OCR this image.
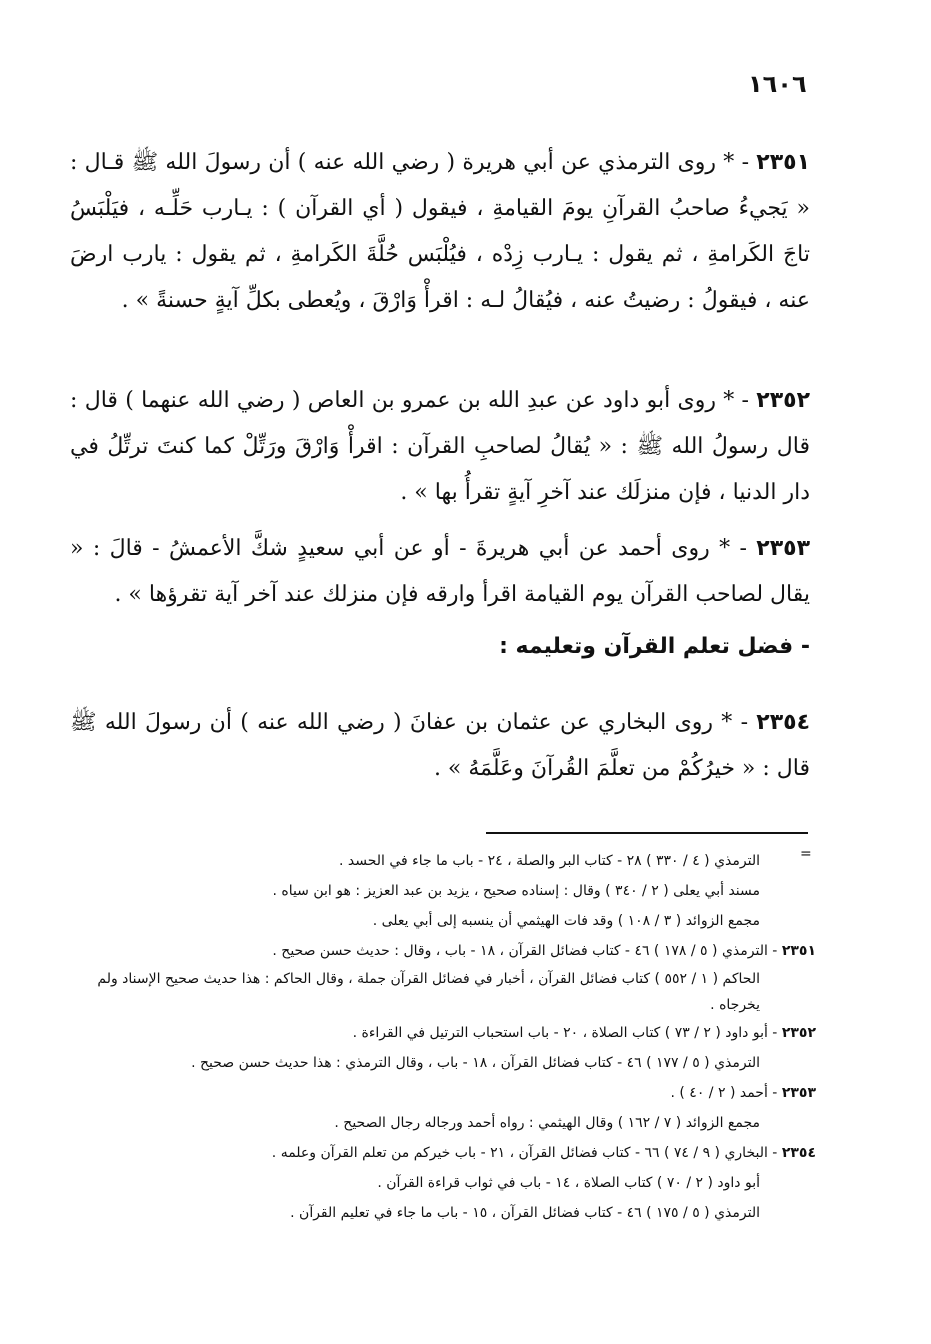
١٦٠٦

٢٣٥١ - * روى الترمذي عن أبي هريرة ( رضي الله عنه ) أن رسولَ الله ﷺ قـال : « يَجيءُ صاحبُ القرآنِ يومَ القيامةِ ، فيقول ( أي القرآن ) : يـارب حَلِّـه ، فيَلْبَسُ تاجَ الكَرامةِ ، ثم يقول : يـارب زِدْه ، فيُلْبَس حُلَّةَ الكَرامةِ ، ثم يقول : يارب ارضَ عنه ، فيقولُ : رضيتُ عنه ، فيُقالُ لـه : اقرأْ وَارْقَ ، ويُعطى بكلِّ آيةٍ حسنةً » .

٢٣٥٢ - * روى أبو داود عن عبدِ الله بن عمرو بن العاص ( رضي الله عنهما ) قال : قال رسولُ الله ﷺ : « يُقالُ لصاحبِ القرآن : اقرأْ وَارْقَ ورَتِّلْ كما كنتَ ترتِّلُ في دار الدنيا ، فإن منزلَك عند آخرِ آيةٍ تقرأُ بها » .

٢٣٥٣ - * روى أحمد عن أبي هريرةَ - أو عن أبي سعيدٍ شكَّ الأعمشُ - قالَ : « يقال لصاحب القرآن يوم القيامة اقرأ وارقه فإن منزلك عند آخر آية تقرؤها » .

- فضل تعلم القرآن وتعليمه :

٢٣٥٤ - * روى البخاري عن عثمان بن عفانَ ( رضي الله عنه ) أن رسولَ الله ﷺ قال : « خيرُكُمْ من تعلَّمَ القُرآنَ وعَلَّمَهُ » .

=
الترمذي ( ٤ / ٣٣٠ ) ٢٨ - كتاب البر والصلة ، ٢٤ - باب ما جاء في الحسد .
مسند أبي يعلى ( ٢ / ٣٤٠ ) وقال : إسناده صحيح ، يزيد بن عبد العزيز : هو ابن سياه .
مجمع الزوائد ( ٣ / ١٠٨ ) وقد فات الهيثمي أن ينسبه إلى أبي يعلى .
٢٣٥١ - الترمذي ( ٥ / ١٧٨ ) ٤٦ - كتاب فضائل القرآن ، ١٨ - باب ، وقال : حديث حسن صحيح .
الحاكم ( ١ / ٥٥٢ ) كتاب فضائل القرآن ، أخبار في فضائل القرآن جملة ، وقال الحاكم : هذا حديث صحيح الإسناد ولم يخرجاه .
٢٣٥٢ - أبو داود ( ٢ / ٧٣ ) كتاب الصلاة ، ٢٠ - باب استحباب الترتيل في القراءة .
الترمذي ( ٥ / ١٧٧ ) ٤٦ - كتاب فضائل القرآن ، ١٨ - باب ، وقال الترمذي : هذا حديث حسن صحيح .
٢٣٥٣ - أحمد ( ٢ / ٤٠ ) .
مجمع الزوائد ( ٧ / ١٦٢ ) وقال الهيثمي : رواه أحمد ورجاله رجال الصحيح .
٢٣٥٤ - البخاري ( ٩ / ٧٤ ) ٦٦ - كتاب فضائل القرآن ، ٢١ - باب خيركم من تعلم القرآن وعلمه .
أبو داود ( ٢ / ٧٠ ) كتاب الصلاة ، ١٤ - باب في ثواب قراءة القرآن .
الترمذي ( ٥ / ١٧٥ ) ٤٦ - كتاب فضائل القرآن ، ١٥ - باب ما جاء في تعليم القرآن .
